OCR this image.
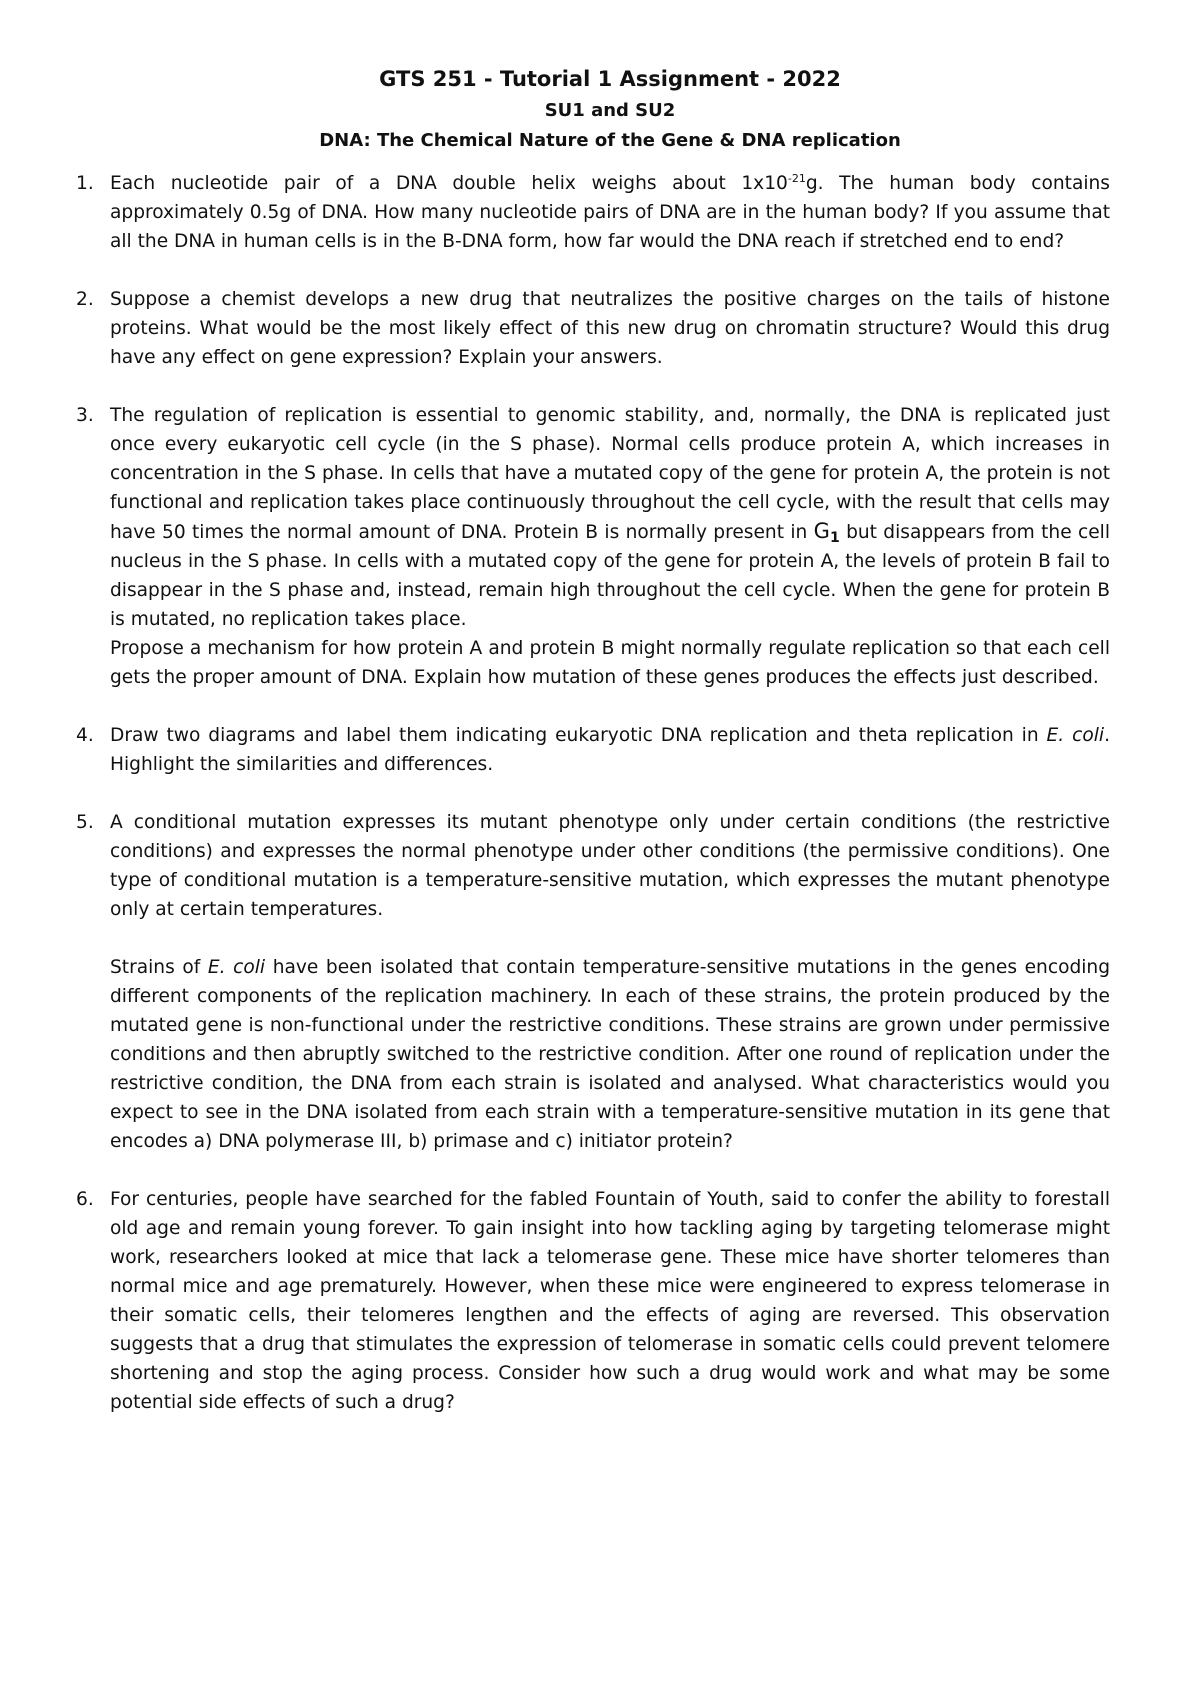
GTS 251 - Tutorial 1 Assignment - 2022
SU1 and SU2
DNA: The Chemical Nature of the Gene & DNA replication
1. Each nucleotide pair of a DNA double helix weighs about $1x10^{-21}g$. The human body contains approximately 0.5g of DNA. How many nucleotide pairs of DNA are in the human body? If you assume that all the DNA in human cells is in the B-DNA form, how far would the DNA reach if stretched end to end?

2. Suppose a chemist develops a new drug that neutralizes the positive charges on the tails of histone proteins. What would be the most likely effect of this new drug on chromatin structure? Would this drug have any effect on gene expression? Explain your answers.

3. The regulation of replication is essential to genomic stability, and, normally, the DNA is replicated just once every eukaryotic cell cycle (in the S phase). Normal cells produce protein A, which increases in concentration in the S phase. In cells that have a mutated copy of the gene for protein A, the protein is not functional and replication takes place continuously throughout the cell cycle, with the result that cells may have 50 times the normal amount of DNA. Protein B is normally present in $G_1$ but disappears from the cell nucleus in the S phase. In cells with a mutated copy of the gene for protein A, the levels of protein B fail to disappear in the S phase and, instead, remain high throughout the cell cycle. When the gene for protein B is mutated, no replication takes place.

Propose a mechanism for how protein A and protein B might normally regulate replication so that each cell gets the proper amount of DNA. Explain how mutation of these genes produces the effects just described.

4. Draw two diagrams and label them indicating eukaryotic DNA replication and theta replication in E. coli. Highlight the similarities and differences.

5. A conditional mutation expresses its mutant phenotype only under certain conditions (the restrictive conditions) and expresses the normal phenotype under other conditions (the permissive conditions). One type of conditional mutation is a temperature-sensitive mutation, which expresses the mutant phenotype only at certain temperatures.

Strains of E. coli have been isolated that contain temperature-sensitive mutations in the genes encoding different components of the replication machinery. In each of these strains, the protein produced by the mutated gene is non-functional under the restrictive conditions. These strains are grown under permissive conditions and then abruptly switched to the restrictive condition. After one round of replication under the restrictive condition, the DNA from each strain is isolated and analysed. What characteristics would you expect to see in the DNA isolated from each strain with a temperature-sensitive mutation in its gene that encodes a) DNA polymerase III, b) primase and c) initiator protein?

6. For centuries, people have searched for the fabled Fountain of Youth, said to confer the ability to forestall old age and remain young forever. To gain insight into how tackling aging by targeting telomerase might work, researchers looked at mice that lack a telomerase gene. These mice have shorter telomeres than normal mice and age prematurely. However, when these mice were engineered to express telomerase in their somatic cells, their telomeres lengthen and the effects of aging are reversed. This observation suggests that a drug that stimulates the expression of telomerase in somatic cells could prevent telomere shortening and stop the aging process. Consider how such a drug would work and what may be some potential side effects of such a drug?
